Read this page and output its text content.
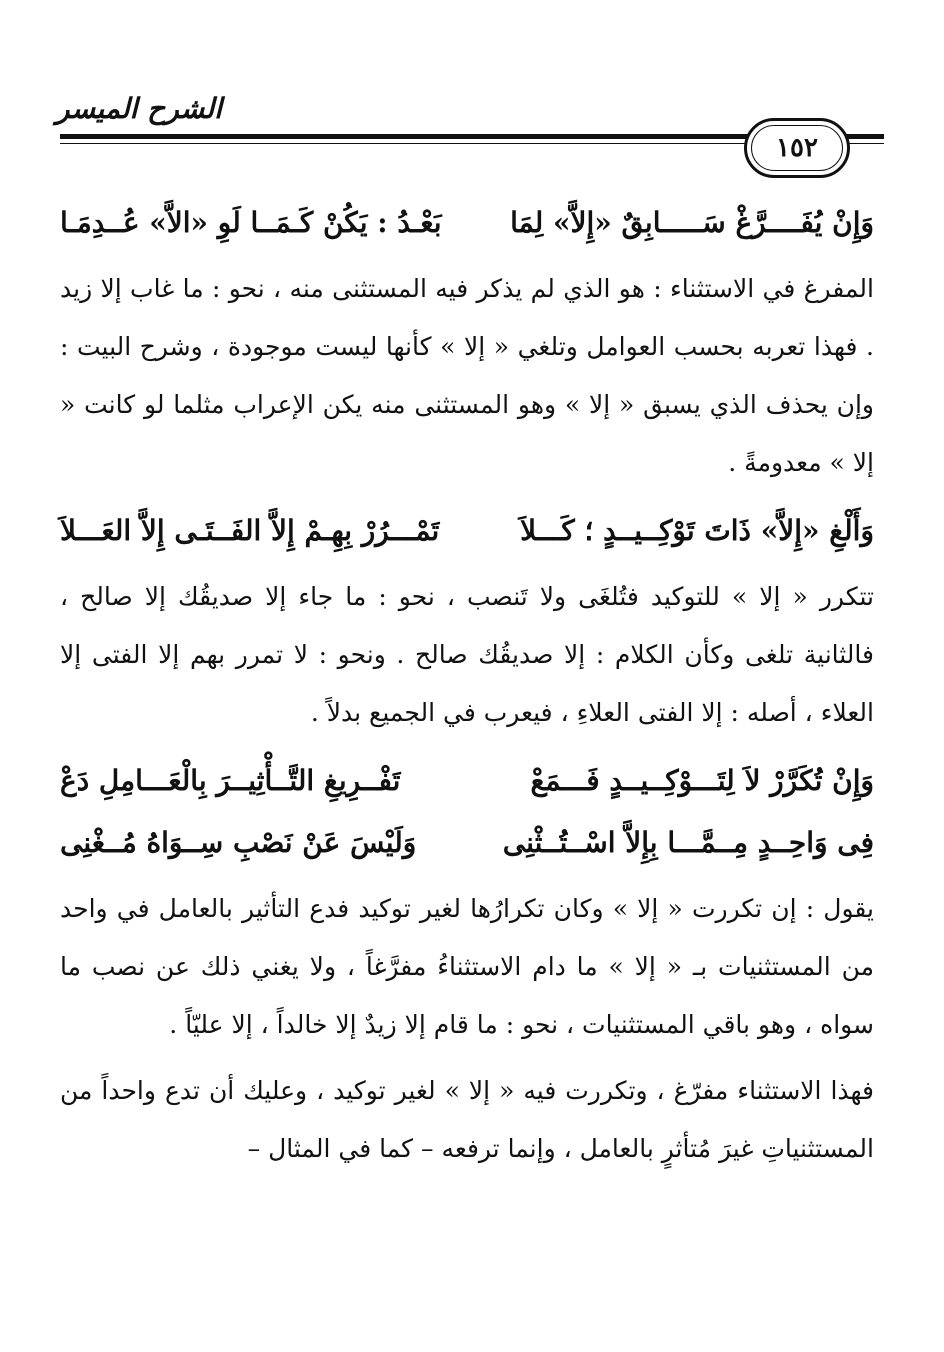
الشرح الميسر
١٥٢
وَإِنْ يُفَــــرَّغْ سَـــــابِقٌ «إِلاَّ» لِمَا
بَعْـدُ : يَكُنْ كَـمَــا لَوِ «الاَّ» عُــدِمَـا

المفرغ في الاستثناء : هو الذي لم يذكر فيه المستثنى منه ، نحو : ما غاب إلا زيد . فهذا تعربه بحسب العوامل وتلغي « إلا » كأنها ليست موجودة ، وشرح البيت : وإن يحذف الذي يسبق « إلا » وهو المستثنى منه يكن الإعراب مثلما لو كانت « إلا » معدومةً .

وَأَلْغِ «إِلاَّ» ذَاتَ تَوْكِــيــدٍ ؛ كَـــلاَ
تَمْـــرُرْ بِهِـمْ إِلاَّ الفَــتَـى إِلاَّ العَـــلاَ

تتكرر « إلا » للتوكيد فتُلغَى ولا تَنصب ، نحو : ما جاء إلا صديقُك إلا صالح ، فالثانية تلغى وكأن الكلام : إلا صديقُك صالح . ونحو : لا تمرر بهم إلا الفتى إلا العلاء ، أصله : إلا الفتى العلاءِ ، فيعرب في الجميع بدلاً .

وَإِنْ تُكَرَّرْ لاَ لِتَـــوْكِــيــدٍ فَـــمَعْ
تَفْــرِيغِ التَّــأْثِيــرَ بِالْعَـــامِلِ دَعْ
فِى وَاحِــدٍ مِــمَّـــا بِإِلاَّ اسْــتُــثْنِى
وَلَيْسَ عَنْ نَصْبِ سِــوَاهُ مُــغْنِى

يقول : إن تكررت « إلا » وكان تكرارُها لغير توكيد فدع التأثير بالعامل في واحد من المستثنيات بـ « إلا » ما دام الاستثناءُ مفرَّغاً ، ولا يغني ذلك عن نصب ما سواه ، وهو باقي المستثنيات ، نحو : ما قام إلا زيدٌ إلا خالداً ، إلا عليّاً .

فهذا الاستثناء مفرّغ ، وتكررت فيه « إلا » لغير توكيد ، وعليك أن تدع واحداً من المستثنياتِ غيرَ مُتأثرٍ بالعامل ، وإنما ترفعه – كما في المثال –
